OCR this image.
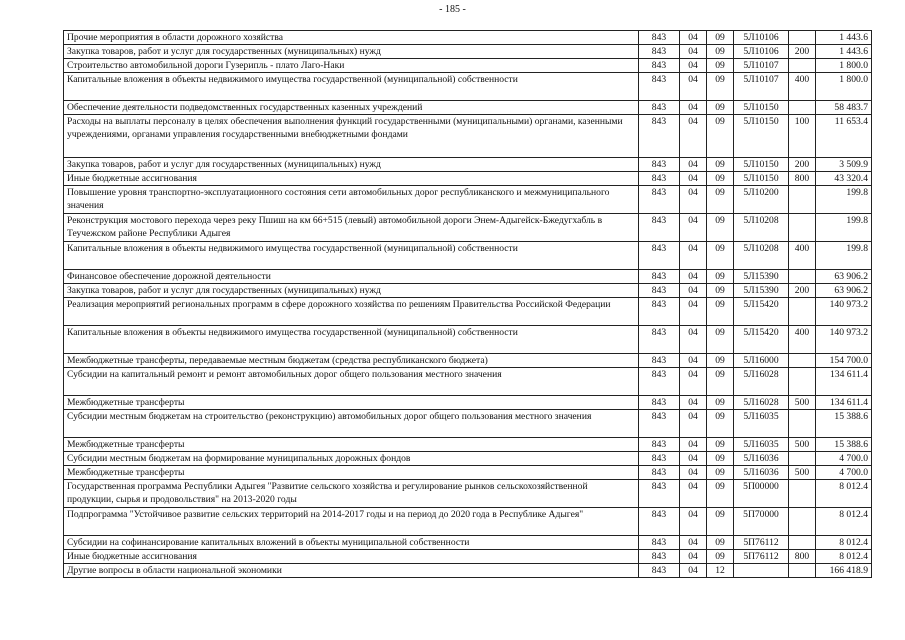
- 185 -
Прочие мероприятия в области дорожного хозяйства	843	04	09	5Л10106		1 443.6
Закупка товаров, работ и услуг для государственных (муниципальных) нужд	843	04	09	5Л10106	200	1 443.6
Строительство автомобильной дороги Гузерипль - плато Лаго-Наки	843	04	09	5Л10107		1 800.0
Капитальные вложения в объекты недвижимого имущества государственной (муниципальной) собственности	843	04	09	5Л10107	400	1 800.0
Обеспечение деятельности подведомственных государственных казенных учреждений	843	04	09	5Л10150		58 483.7
Расходы на выплаты персоналу в целях обеспечения выполнения функций государственными (муниципальными) органами, казенными учреждениями, органами управления государственными внебюджетными фондами	843	04	09	5Л10150	100	11 653.4
Закупка товаров, работ и услуг для государственных (муниципальных) нужд	843	04	09	5Л10150	200	3 509.9
Иные бюджетные ассигнования	843	04	09	5Л10150	800	43 320.4
Повышение уровня транспортно-эксплуатационного состояния сети автомобильных дорог республиканского и межмуниципального значения	843	04	09	5Л10200		199.8
Реконструкция мостового перехода через реку Пшиш на км 66+515 (левый) автомобильной дороги Энем-Адыгейск-Бжедугхабль в Теучежском районе Республики Адыгея	843	04	09	5Л10208		199.8
Капитальные вложения в объекты недвижимого имущества государственной (муниципальной) собственности	843	04	09	5Л10208	400	199.8
Финансовое обеспечение дорожной деятельности	843	04	09	5Л15390		63 906.2
Закупка товаров, работ и услуг для государственных (муниципальных) нужд	843	04	09	5Л15390	200	63 906.2
Реализация мероприятий региональных программ в сфере дорожного хозяйства по решениям Правительства Российской Федерации	843	04	09	5Л15420		140 973.2
Капитальные вложения в объекты недвижимого имущества государственной (муниципальной) собственности	843	04	09	5Л15420	400	140 973.2
Межбюджетные трансферты, передаваемые местным бюджетам (средства республиканского бюджета)	843	04	09	5Л16000		154 700.0
Субсидии на капитальный ремонт и ремонт автомобильных дорог общего пользования местного значения	843	04	09	5Л16028		134 611.4
Межбюджетные трансферты	843	04	09	5Л16028	500	134 611.4
Субсидии местным бюджетам на строительство (реконструкцию) автомобильных дорог общего пользования местного значения	843	04	09	5Л16035		15 388.6
Межбюджетные трансферты	843	04	09	5Л16035	500	15 388.6
Субсидии местным бюджетам на формирование муниципальных дорожных фондов	843	04	09	5Л16036		4 700.0
Межбюджетные трансферты	843	04	09	5Л16036	500	4 700.0
Государственная программа Республики Адыгея "Развитие сельского хозяйства и регулирование рынков сельскохозяйственной продукции, сырья и продовольствия" на 2013-2020 годы	843	04	09	5П00000		8 012.4
Подпрограмма "Устойчивое развитие сельских территорий на 2014-2017 годы и на период до 2020 года в Республике Адыгея"	843	04	09	5П70000		8 012.4
Субсидии на софинансирование капитальных вложений в объекты муниципальной собственности	843	04	09	5П76112		8 012.4
Иные бюджетные ассигнования	843	04	09	5П76112	800	8 012.4
Другие вопросы в области национальной экономики	843	04	12			166 418.9
